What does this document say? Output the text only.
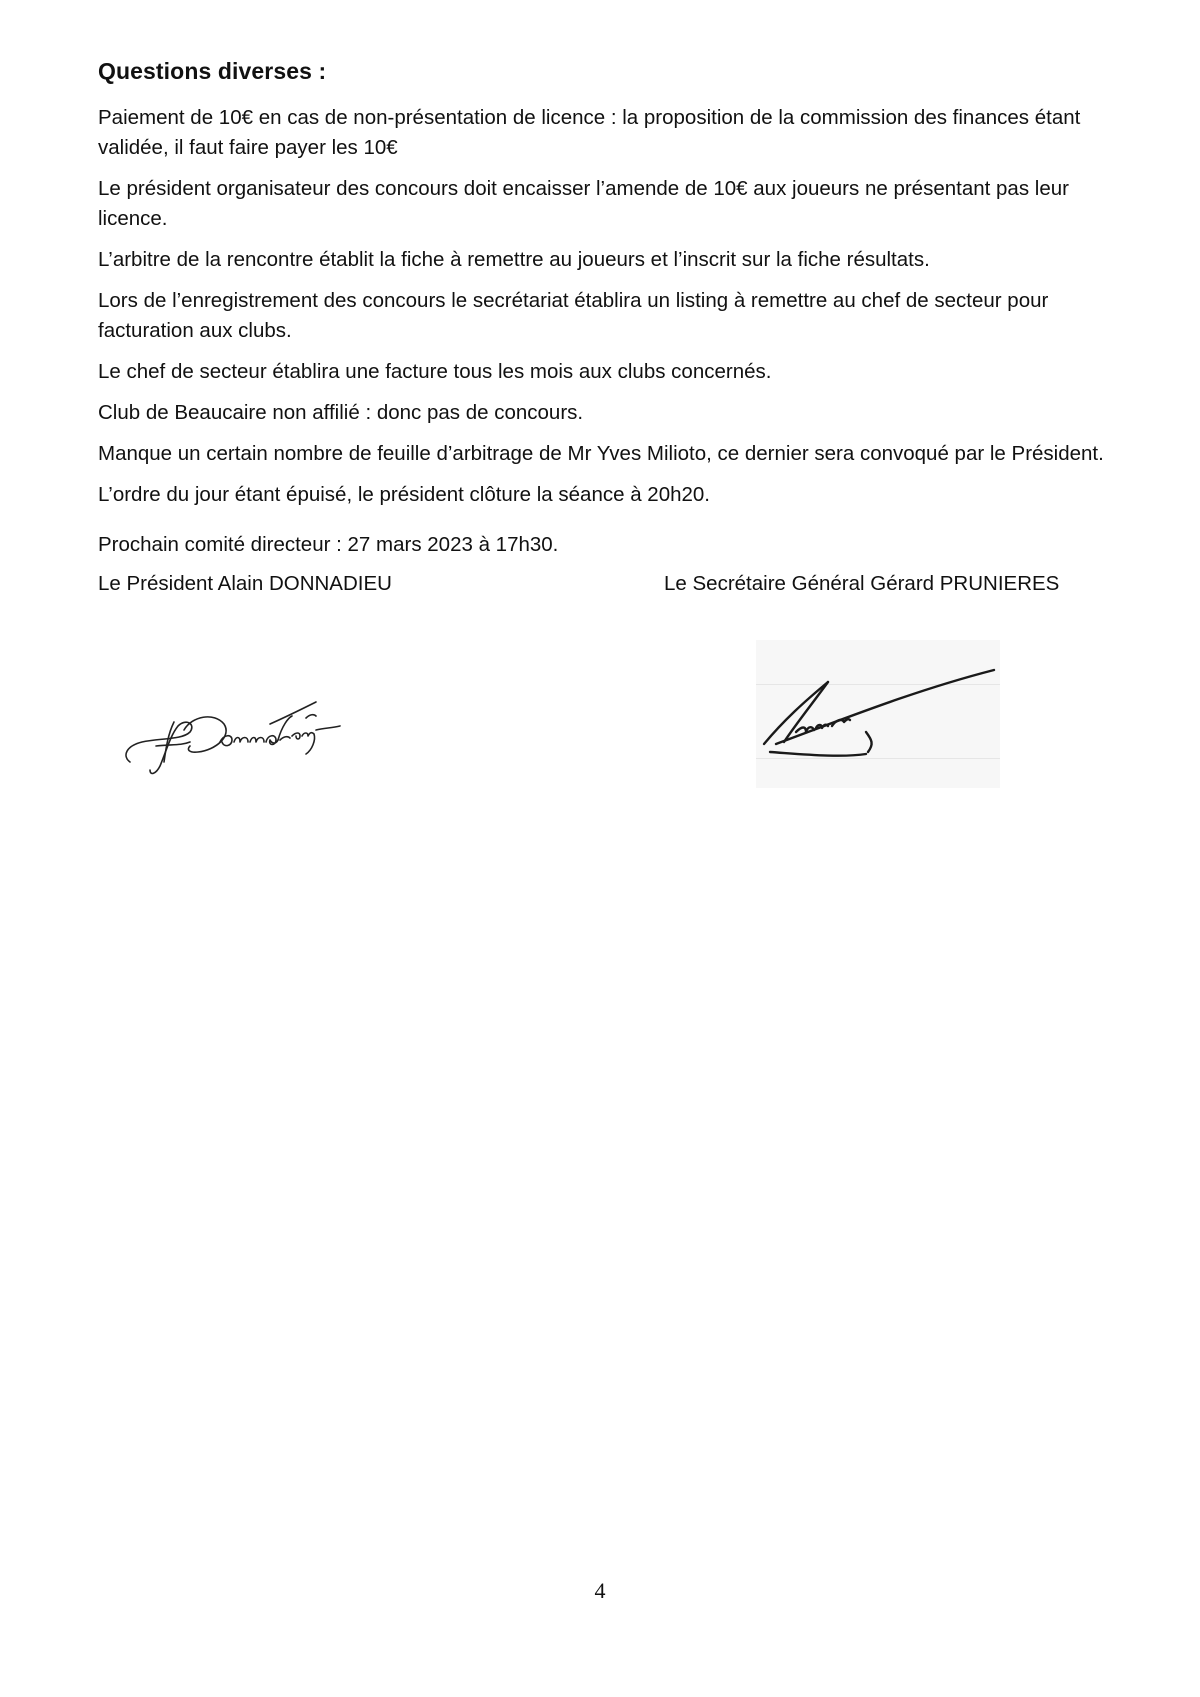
Questions diverses :

Paiement de 10€ en cas de non-présentation de licence : la proposition de la commission des finances étant validée, il faut faire payer les 10€

Le président organisateur des concours doit encaisser l’amende de 10€ aux joueurs ne présentant pas leur licence.

L’arbitre de la rencontre établit la fiche à remettre au joueurs et l’inscrit sur la fiche résultats.

Lors de l’enregistrement des concours le secrétariat établira un listing à remettre au chef de secteur pour facturation aux clubs.

Le chef de secteur établira une facture tous les mois aux clubs concernés.

Club de Beaucaire non affilié : donc pas de concours.

Manque un certain nombre de feuille d’arbitrage de Mr Yves Milioto, ce dernier sera convoqué par le Président.

L’ordre du jour étant épuisé, le président clôture la séance à 20h20.

Prochain comité directeur : 27 mars 2023 à 17h30.

Le Président Alain DONNADIEU	Le Secrétaire Général Gérard PRUNIERES
4
